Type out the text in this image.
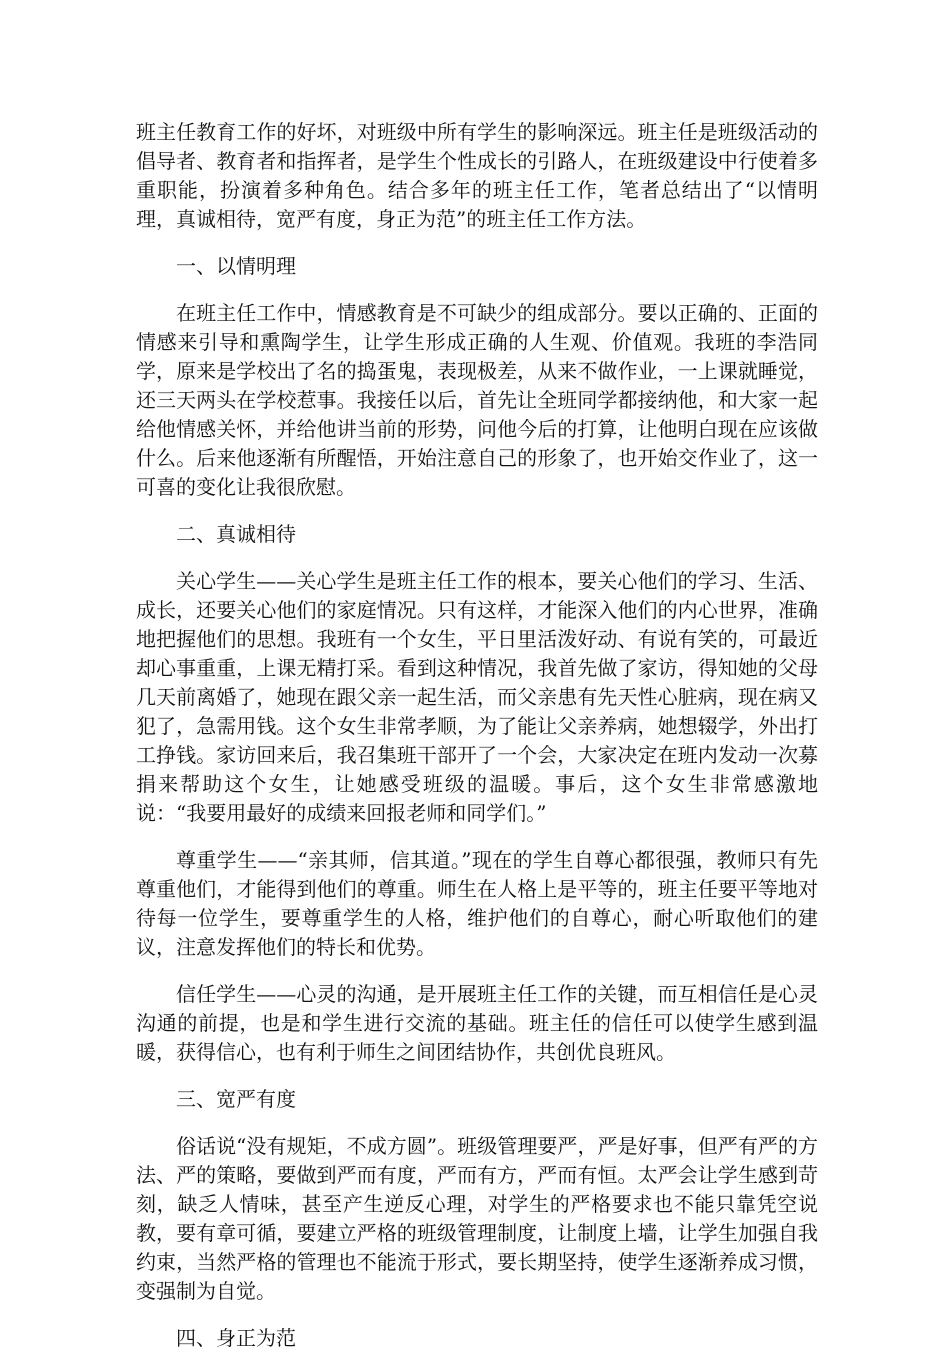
班主任教育工作的好坏，对班级中所有学生的影响深远。班主任是班级活动的倡导者、教育者和指挥者，是学生个性成长的引路人，在班级建设中行使着多重职能，扮演着多种角色。结合多年的班主任工作，笔者总结出了“以情明理，真诚相待，宽严有度，身正为范”的班主任工作方法。

一、以情明理

在班主任工作中，情感教育是不可缺少的组成部分。要以正确的、正面的情感来引导和熏陶学生，让学生形成正确的人生观、价值观。我班的李浩同学，原来是学校出了名的捣蛋鬼，表现极差，从来不做作业，一上课就睡觉，还三天两头在学校惹事。我接任以后，首先让全班同学都接纳他，和大家一起给他情感关怀，并给他讲当前的形势，问他今后的打算，让他明白现在应该做什么。后来他逐渐有所醒悟，开始注意自己的形象了，也开始交作业了，这一可喜的变化让我很欣慰。

二、真诚相待

关心学生——关心学生是班主任工作的根本，要关心他们的学习、生活、成长，还要关心他们的家庭情况。只有这样，才能深入他们的内心世界，准确地把握他们的思想。我班有一个女生，平日里活泼好动、有说有笑的，可最近却心事重重，上课无精打采。看到这种情况，我首先做了家访，得知她的父母几天前离婚了，她现在跟父亲一起生活，而父亲患有先天性心脏病，现在病又犯了，急需用钱。这个女生非常孝顺，为了能让父亲养病，她想辍学，外出打工挣钱。家访回来后，我召集班干部开了一个会，大家决定在班内发动一次募捐来帮助这个女生，让她感受班级的温暖。事后，这个女生非常感激地说：“我要用最好的成绩来回报老师和同学们。”

尊重学生——“亲其师，信其道。”现在的学生自尊心都很强，教师只有先尊重他们，才能得到他们的尊重。师生在人格上是平等的，班主任要平等地对待每一位学生，要尊重学生的人格，维护他们的自尊心，耐心听取他们的建议，注意发挥他们的特长和优势。

信任学生——心灵的沟通，是开展班主任工作的关键，而互相信任是心灵沟通的前提，也是和学生进行交流的基础。班主任的信任可以使学生感到温暖，获得信心，也有利于师生之间团结协作，共创优良班风。

三、宽严有度

俗话说“没有规矩，不成方圆”。班级管理要严，严是好事，但严有严的方法、严的策略，要做到严而有度，严而有方，严而有恒。太严会让学生感到苛刻，缺乏人情味，甚至产生逆反心理，对学生的严格要求也不能只靠凭空说教，要有章可循，要建立严格的班级管理制度，让制度上墙，让学生加强自我约束，当然严格的管理也不能流于形式，要长期坚持，使学生逐渐养成习惯，变强制为自觉。

四、身正为范
